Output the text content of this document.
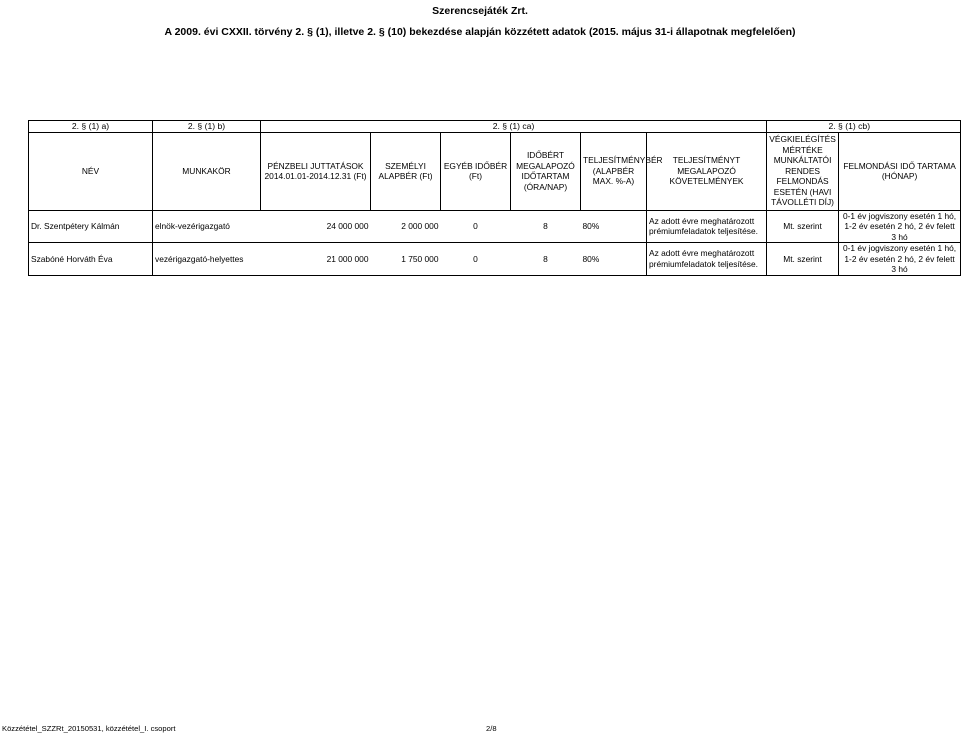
Szerencsejáték Zrt.
A 2009. évi CXXII. törvény 2. § (1), illetve 2. § (10) bekezdése alapján közzétett adatok (2015. május 31-i állapotnak megfelelően)
2. § (1) a)	2. § (1) b)	2. § (1) ca)						2. § (1) cb)	
NÉV	MUNKAKÖR	PÉNZBELI JUTTATÁSOK 2014.01.01-2014.12.31 (Ft)	SZEMÉLYI ALAPBÉR (Ft)	EGYÉB IDŐBÉR (Ft)	IDŐBÉRT MEGALAPOZÓ IDŐTARTAM (ÓRA/NAP)	TELJESÍTMÉNYBÉR (ALAPBÉR MAX. %-A)	TELJESÍTMÉNYT MEGALAPOZÓ KÖVETELMÉNYEK	VÉGKIELÉGÍTÉS MÉRTÉKE MUNKÁLTATÓI RENDES FELMONDÁS ESETÉN (HAVI TÁVOLLÉTI DÍJ)	FELMONDÁSI IDŐ TARTAMA (HÓNAP)
Dr. Szentpétery Kálmán	elnök-vezérigazgató	24 000 000	2 000 000	0	8	80%	Az adott évre meghatározott prémiumfeladatok teljesítése.	Mt. szerint	0-1 év jogviszony esetén 1 hó, 1-2 év esetén 2 hó, 2 év felett 3 hó
Szabóné Horváth Éva	vezérigazgató-helyettes	21 000 000	1 750 000	0	8	80%	Az adott évre meghatározott prémiumfeladatok teljesítése.	Mt. szerint	0-1 év jogviszony esetén 1 hó, 1-2 év esetén 2 hó, 2 év felett 3 hó
Közzététel_SZZRt_20150531, közzététel_I. csoport	2/8
